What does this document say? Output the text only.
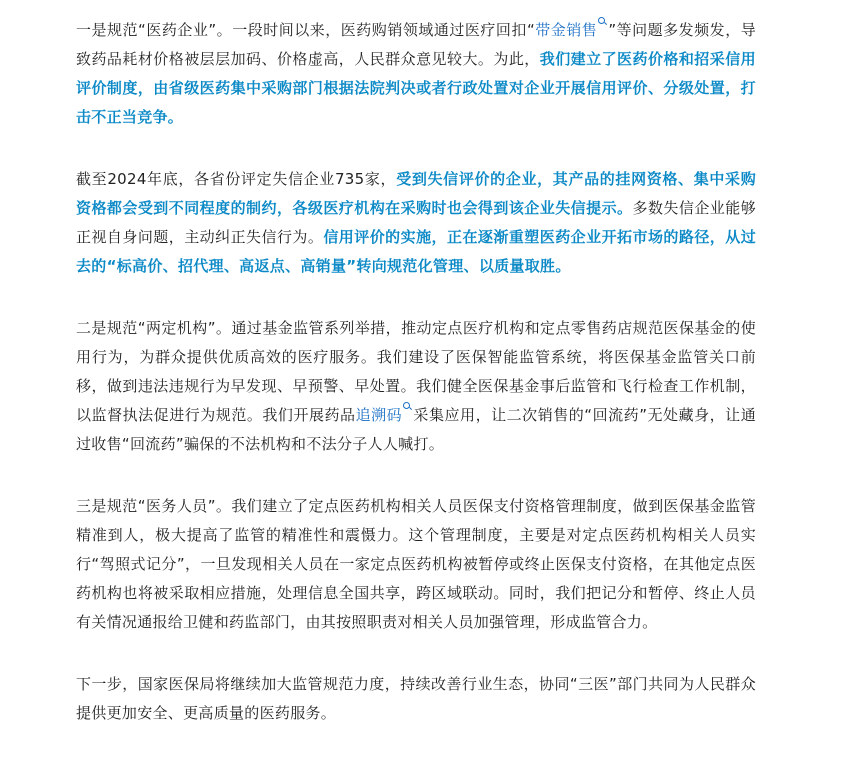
一是规范“医药企业”。一段时间以来，医药购销领域通过医疗回扣“带金销售 ”等问题多发频发，导致药品耗材价格被层层加码、价格虚高，人民群众意见较大。为此，我们建立了医药价格和招采信用评价制度，由省级医药集中采购部门根据法院判决或者行政处置对企业开展信用评价、分级处置，打击不正当竞争。

截至2024年底，各省份评定失信企业735家，受到失信评价的企业，其产品的挂网资格、集中采购资格都会受到不同程度的制约，各级医疗机构在采购时也会得到该企业失信提示。多数失信企业能够正视自身问题，主动纠正失信行为。信用评价的实施，正在逐渐重塑医药企业开拓市场的路径，从过去的“标高价、招代理、高返点、高销量”转向规范化管理、以质量取胜。

二是规范“两定机构”。通过基金监管系列举措，推动定点医疗机构和定点零售药店规范医保基金的使用行为，为群众提供优质高效的医疗服务。我们建设了医保智能监管系统，将医保基金监管关口前移，做到违法违规行为早发现、早预警、早处置。我们健全医保基金事后监管和飞行检查工作机制，以监督执法促进行为规范。我们开展药品追溯码 采集应用，让二次销售的“回流药”无处藏身，让通过收售“回流药”骗保的不法机构和不法分子人人喊打。

三是规范“医务人员”。我们建立了定点医药机构相关人员医保支付资格管理制度，做到医保基金监管精准到人，极大提高了监管的精准性和震慑力。这个管理制度，主要是对定点医药机构相关人员实行“驾照式记分”，一旦发现相关人员在一家定点医药机构被暂停或终止医保支付资格，在其他定点医药机构也将被采取相应措施，处理信息全国共享，跨区域联动。同时，我们把记分和暂停、终止人员有关情况通报给卫健和药监部门，由其按照职责对相关人员加强管理，形成监管合力。

下一步，国家医保局将继续加大监管规范力度，持续改善行业生态，协同“三医”部门共同为人民群众提供更加安全、更高质量的医药服务。
